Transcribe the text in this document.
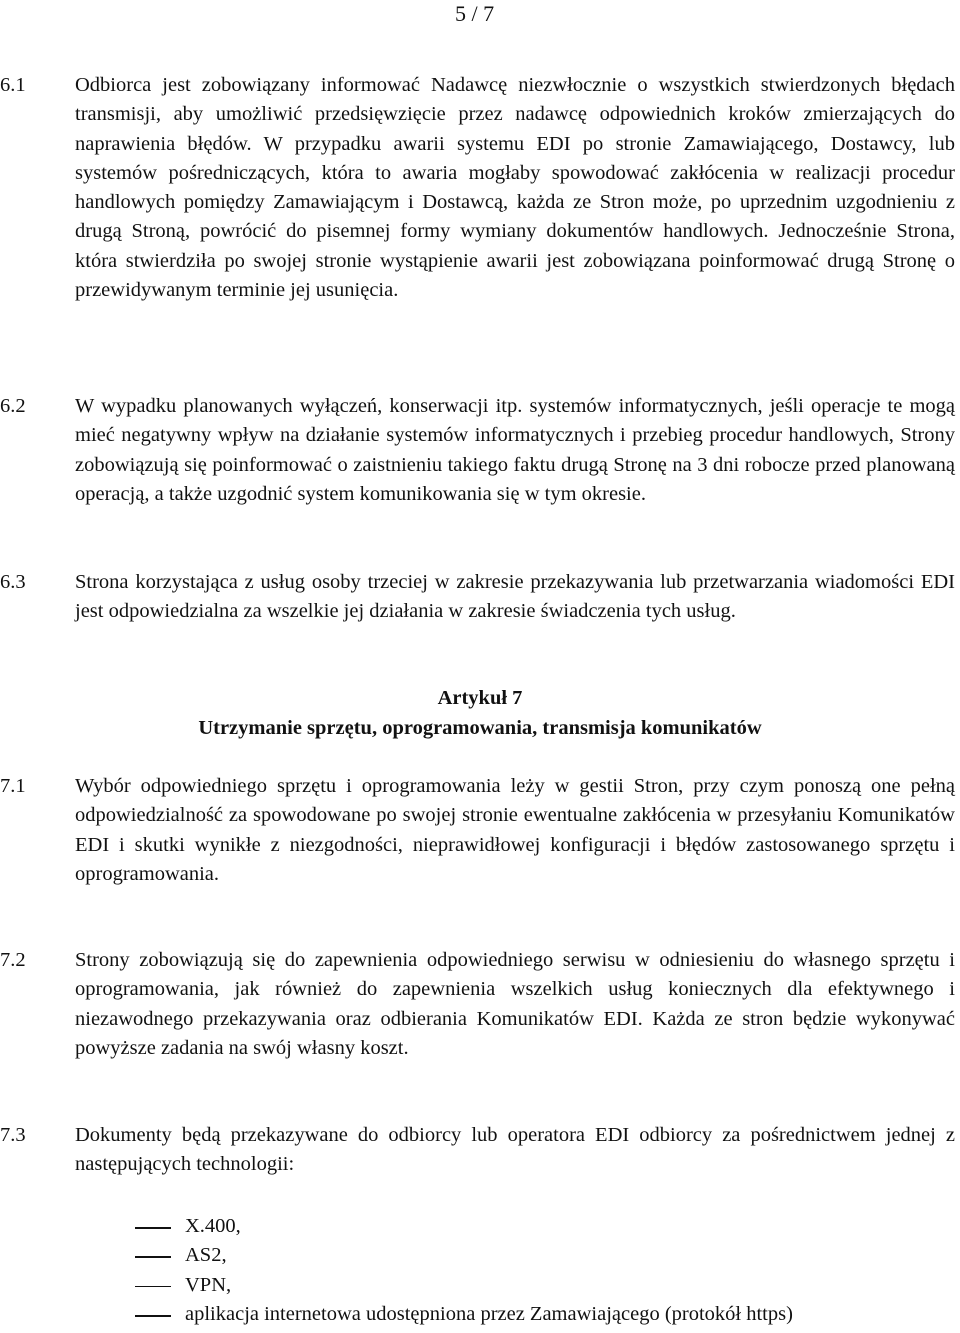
5 / 7
6.1 Odbiorca jest zobowiązany informować Nadawcę niezwłocznie o wszystkich stwierdzonych błędach transmisji, aby umożliwić przedsięwzięcie przez nadawcę odpowiednich kroków zmierzających do naprawienia błędów. W przypadku awarii systemu EDI po stronie Zamawiającego, Dostawcy, lub systemów pośredniczących, która to awaria mogłaby spowodować zakłócenia w realizacji procedur handlowych pomiędzy Zamawiającym i Dostawcą, każda ze Stron może, po uprzednim uzgodnieniu z drugą Stroną, powrócić do pisemnej formy wymiany dokumentów handlowych. Jednocześnie Strona, która stwierdziła po swojej stronie wystąpienie awarii jest zobowiązana poinformować drugą Stronę o przewidywanym terminie jej usunięcia.

6.2 W wypadku planowanych wyłączeń, konserwacji itp. systemów informatycznych, jeśli operacje te mogą mieć negatywny wpływ na działanie systemów informatycznych i przebieg procedur handlowych, Strony zobowiązują się poinformować o zaistnieniu takiego faktu drugą Stronę na 3 dni robocze przed planowaną operacją, a także uzgodnić system komunikowania się w tym okresie.

6.3 Strona korzystająca z usług osoby trzeciej w zakresie przekazywania lub przetwarzania wiadomości EDI jest odpowiedzialna za wszelkie jej działania w zakresie świadczenia tych usług.

Artykuł 7
Utrzymanie sprzętu, oprogramowania, transmisja komunikatów
7.1 Wybór odpowiedniego sprzętu i oprogramowania leży w gestii Stron, przy czym ponoszą one pełną odpowiedzialność za spowodowane po swojej stronie ewentualne zakłócenia w przesyłaniu Komunikatów EDI i skutki wynikłe z niezgodności, nieprawidłowej konfiguracji i błędów zastosowanego sprzętu i oprogramowania.

7.2 Strony zobowiązują się do zapewnienia odpowiedniego serwisu w odniesieniu do własnego sprzętu i oprogramowania, jak również do zapewnienia wszelkich usług koniecznych dla efektywnego i niezawodnego przekazywania oraz odbierania Komunikatów EDI. Każda ze stron będzie wykonywać powyższe zadania na swój własny koszt.

7.3 Dokumenty będą przekazywane do odbiorcy lub operatora EDI odbiorcy za pośrednictwem jednej z następujących technologii:

X.400,
AS2,
VPN,
aplikacja internetowa udostępniona przez Zamawiającego (protokół https)
